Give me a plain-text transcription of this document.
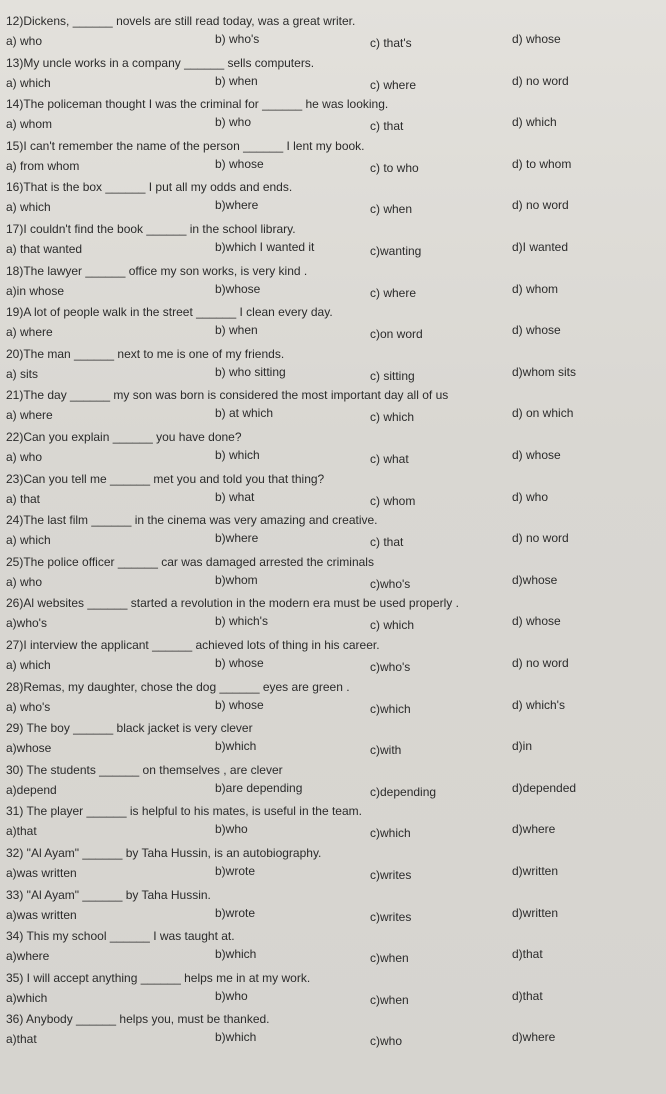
12)Dickens, ______ novels are still read today, was a great writer.
a) who	b) who's	c) that's	d) whose
13)My uncle works in a company ______ sells computers.
a) which	b) when	c) where	d) no word
14)The policeman thought I was the criminal for ______ he was looking.
a) whom	b) who	c) that	d) which
15)I can't remember the name of the person ______ I lent my book.
a) from whom	b) whose	c) to who	d) to whom
16)That is the box ______ I put all my odds and ends.
a) which	b)where	c) when	d) no word
17)I couldn't find the book ______ in the school library.
a) that wanted	b)which I wanted it	c)wanting	d)I wanted
18)The lawyer ______ office my son works, is very kind .
a)in whose	b)whose	c) where	d) whom
19)A lot of people walk in the street ______ I clean every day.
a) where	b) when	c)on word	d) whose
20)The man ______ next to me is one of my friends.
a) sits	b) who sitting	c) sitting	d)whom sits
21)The day ______ my son was born is considered the most important day all of us
a) where	b) at which	c) which	d) on which
22)Can you explain ______ you have done?
a) who	b) which	c) what	d) whose
23)Can you tell me ______ met you and told you that thing?
a) that	b) what	c) whom	d) who
24)The last film ______ in the cinema was very amazing and creative.
a) which	b)where	c) that	d) no word
25)The police officer ______ car was damaged arrested the criminals
a) who	b)whom	c)who's	d)whose
26)Al websites ______ started a revolution in the modern era must be used properly .
a)who's	b) which's	c) which	d) whose
27)I interview the applicant ______ achieved lots of thing in his career.
a) which	b) whose	c)who's	d) no word
28)Remas, my daughter, chose the dog ______ eyes are green .
a) who's	b) whose	c)which	d) which's
29) The boy ______ black jacket is very clever
a)whose	b)which	c)with	d)in
30) The students ______ on themselves , are clever
a)depend	b)are depending	c)depending	d)depended
31) The player ______ is helpful to his mates, is useful in the team.
a)that	b)who	c)which	d)where
32) "Al Ayam" ______ by Taha Hussin, is an autobiography.
a)was written	b)wrote	c)writes	d)written
33) "Al Ayam" ______ by Taha Hussin.
a)was written	b)wrote	c)writes	d)written
34) This my school ______ I was taught at.
a)where	b)which	c)when	d)that
35) I will accept anything ______ helps me in at my work.
a)which	b)who	c)when	d)that
36) Anybody ______ helps you, must be thanked.
a)that	b)which	c)who	d)where
